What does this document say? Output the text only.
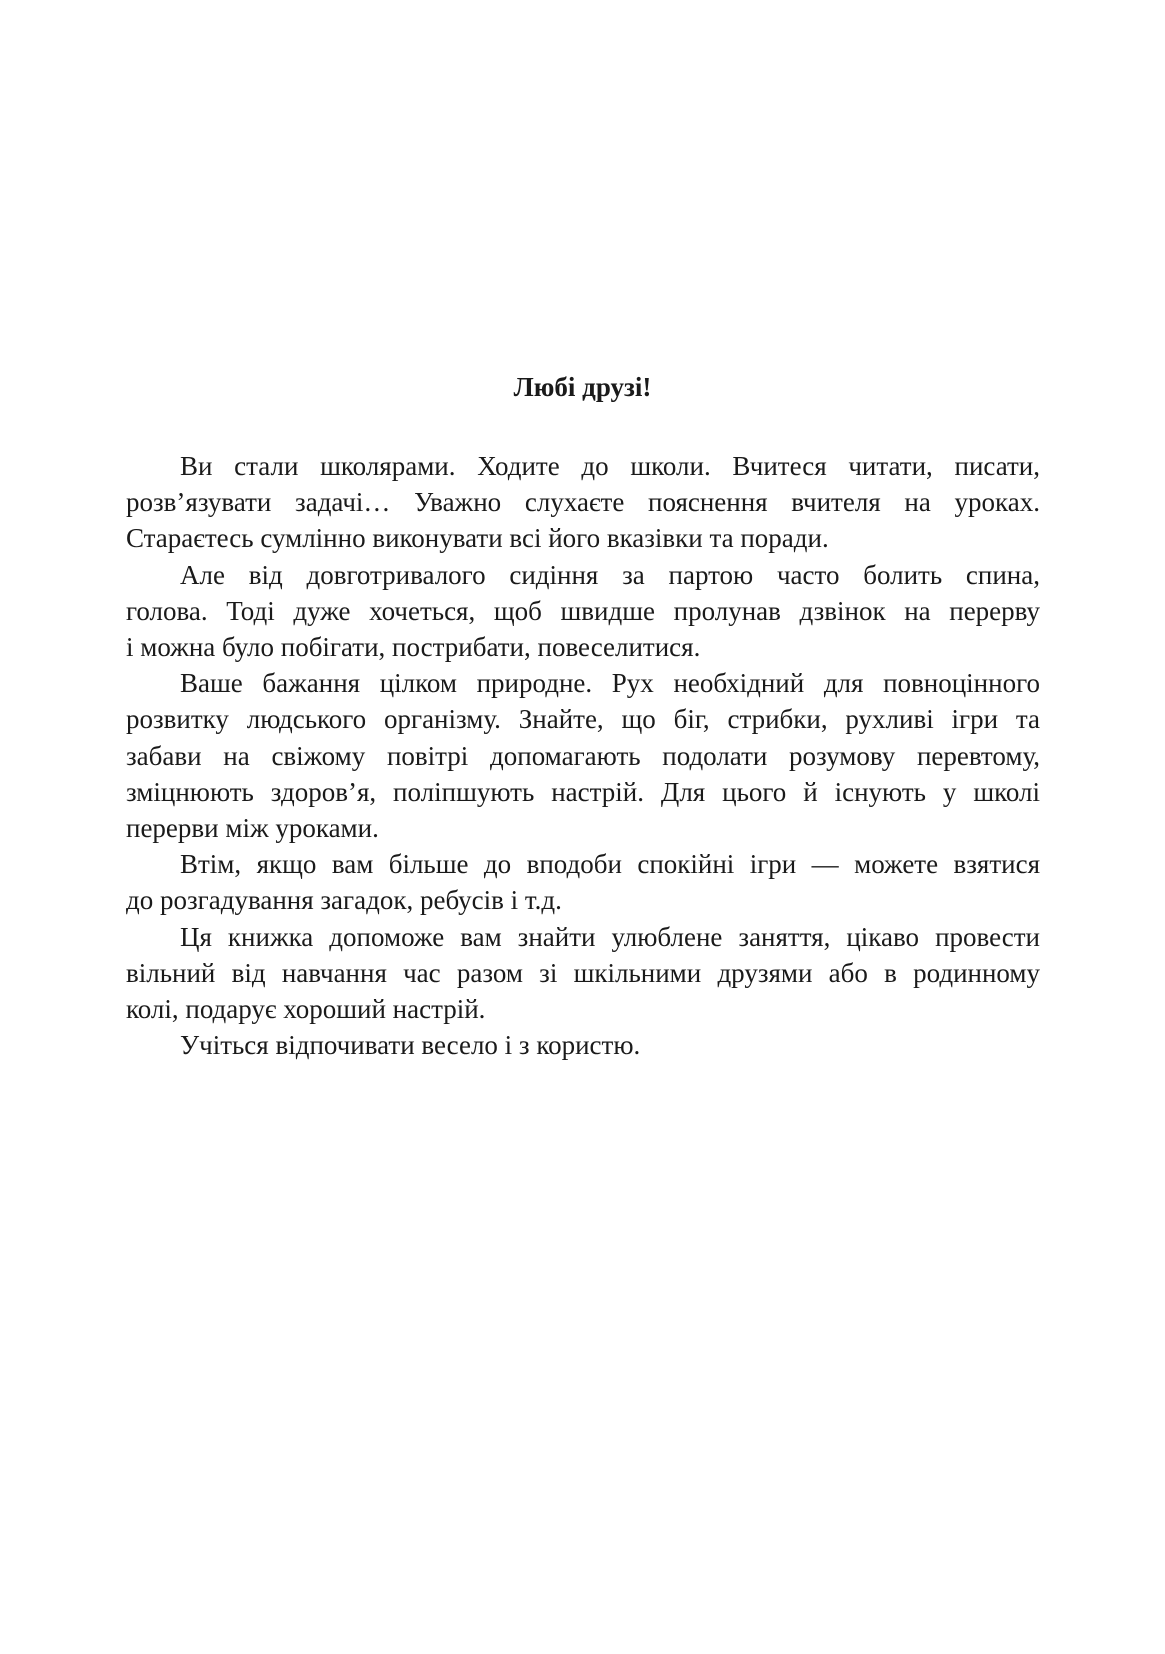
Любі друзі!

Ви стали школярами. Ходите до школи. Вчитеся читати, писати,
розв’язувати задачі… Уважно слухаєте пояснення вчителя на уроках.
Стараєтесь сумлінно виконувати всі його вказівки та поради.

Але від довготривалого сидіння за партою часто болить спина,
голова. Тоді дуже хочеться, щоб швидше пролунав дзвінок на перерву
і можна було побігати, пострибати, повеселитися.

Ваше бажання цілком природне. Рух необхідний для повноцінного
розвитку людського організму. Знайте, що біг, стрибки, рухливі ігри та
забави на свіжому повітрі допомагають подолати розумову перевтому,
зміцнюють здоров’я, поліпшують настрій. Для цього й існують у школі
перерви між уроками.

Втім, якщо вам більше до вподоби спокійні ігри — можете взятися
до розгадування загадок, ребусів і т.д.

Ця книжка допоможе вам знайти улюблене заняття, цікаво провести
вільний від навчання час разом зі шкільними друзями або в родинному
колі, подарує хороший настрій.

Учіться відпочивати весело і з користю.
